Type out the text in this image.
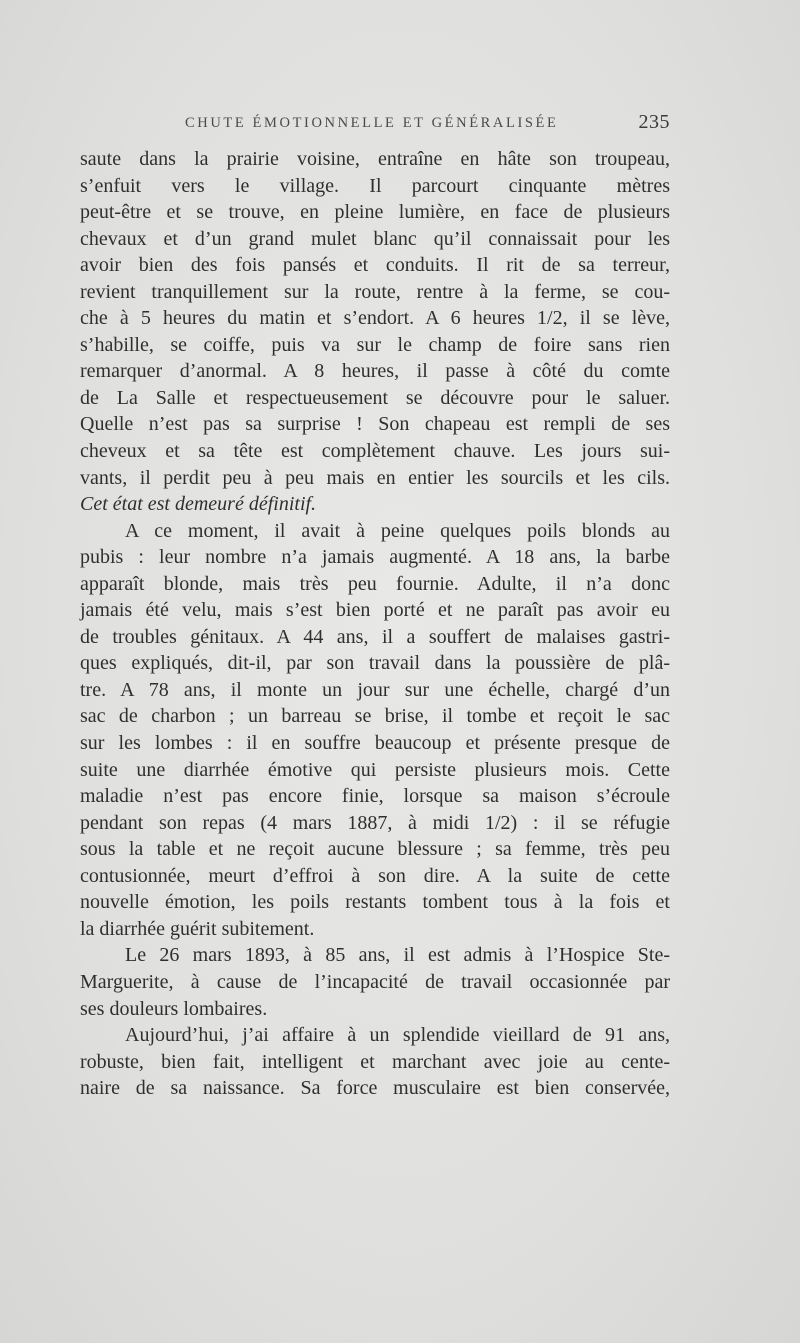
CHUTE ÉMOTIONNELLE ET GÉNÉRALISÉE	235
saute dans la prairie voisine, entraîne en hâte son troupeau,
s’enfuit vers le village. Il parcourt cinquante mètres
peut-être et se trouve, en pleine lumière, en face de plusieurs
chevaux et d’un grand mulet blanc qu’il connaissait pour les
avoir bien des fois pansés et conduits. Il rit de sa terreur,
revient tranquillement sur la route, rentre à la ferme, se cou-
che à 5 heures du matin et s’endort. A 6 heures 1/2, il se lève,
s’habille, se coiffe, puis va sur le champ de foire sans rien
remarquer d’anormal. A 8 heures, il passe à côté du comte
de La Salle et respectueusement se découvre pour le saluer.
Quelle n’est pas sa surprise ! Son chapeau est rempli de ses
cheveux et sa tête est complètement chauve. Les jours sui-
vants, il perdit peu à peu mais en entier les sourcils et les cils.
Cet état est demeuré définitif.
A ce moment, il avait à peine quelques poils blonds au
pubis : leur nombre n’a jamais augmenté. A 18 ans, la barbe
apparaît blonde, mais très peu fournie. Adulte, il n’a donc
jamais été velu, mais s’est bien porté et ne paraît pas avoir eu
de troubles génitaux. A 44 ans, il a souffert de malaises gastri-
ques expliqués, dit-il, par son travail dans la poussière de plâ-
tre. A 78 ans, il monte un jour sur une échelle, chargé d’un
sac de charbon ; un barreau se brise, il tombe et reçoit le sac
sur les lombes : il en souffre beaucoup et présente presque de
suite une diarrhée émotive qui persiste plusieurs mois. Cette
maladie n’est pas encore finie, lorsque sa maison s’écroule
pendant son repas (4 mars 1887, à midi 1/2) : il se réfugie
sous la table et ne reçoit aucune blessure ; sa femme, très peu
contusionnée, meurt d’effroi à son dire. A la suite de cette
nouvelle émotion, les poils restants tombent tous à la fois et
la diarrhée guérit subitement.
Le 26 mars 1893, à 85 ans, il est admis à l’Hospice Ste-
Marguerite, à cause de l’incapacité de travail occasionnée par
ses douleurs lombaires.
Aujourd’hui, j’ai affaire à un splendide vieillard de 91 ans,
robuste, bien fait, intelligent et marchant avec joie au cente-
naire de sa naissance. Sa force musculaire est bien conservée,
